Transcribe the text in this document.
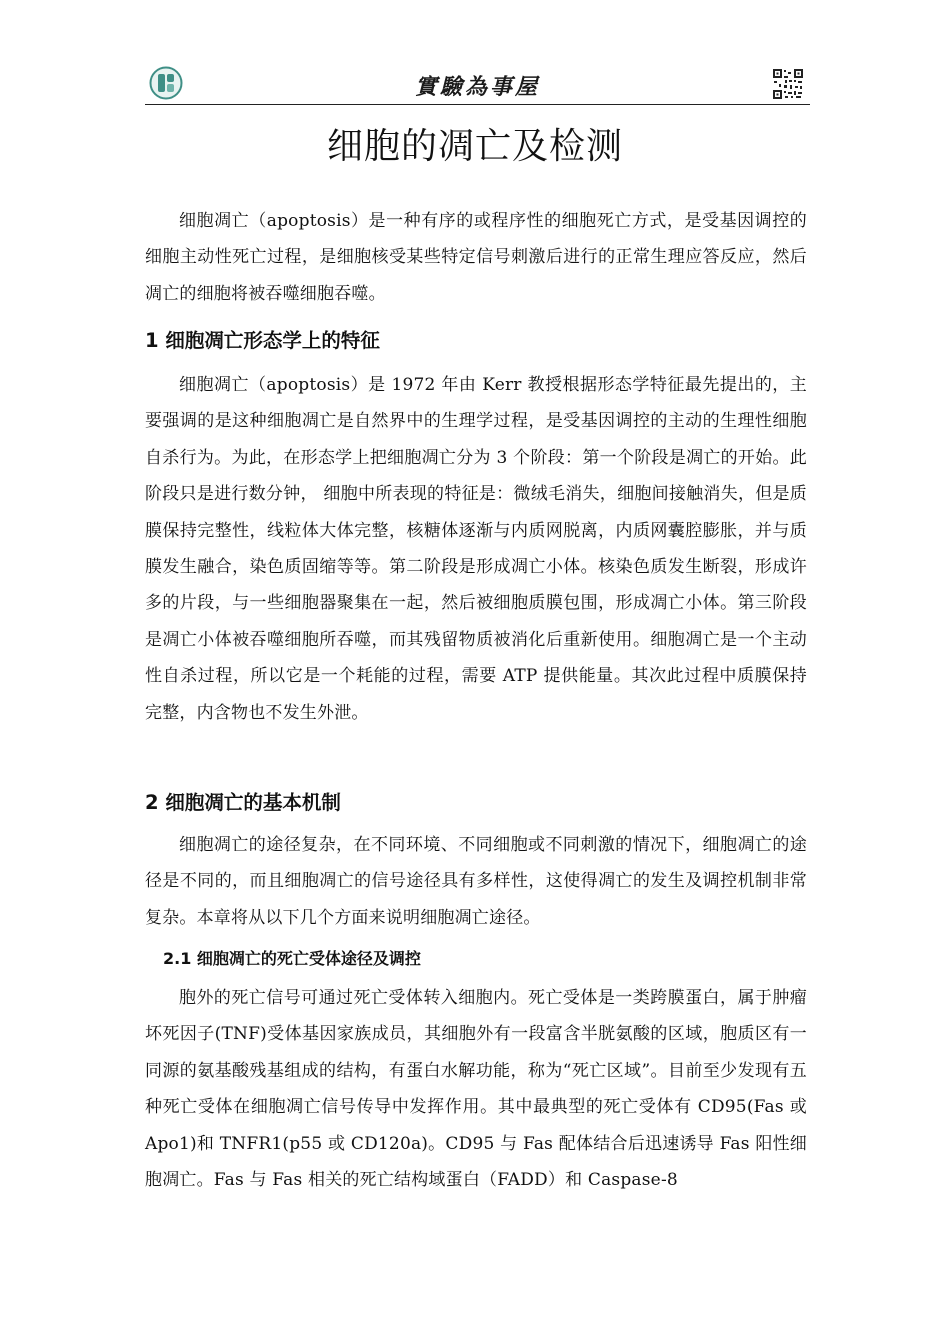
實驗為事屋
细胞的凋亡及检测

细胞凋亡（apoptosis）是一种有序的或程序性的细胞死亡方式，是受基因调控的细胞主动性死亡过程，是细胞核受某些特定信号刺激后进行的正常生理应答反应，然后凋亡的细胞将被吞噬细胞吞噬。

1 细胞凋亡形态学上的特征

细胞凋亡（apoptosis）是 1972 年由 Kerr 教授根据形态学特征最先提出的，主要强调的是这种细胞凋亡是自然界中的生理学过程，是受基因调控的主动的生理性细胞自杀行为。为此，在形态学上把细胞凋亡分为 3 个阶段：第一个阶段是凋亡的开始。此阶段只是进行数分钟， 细胞中所表现的特征是：微绒毛消失，细胞间接触消失，但是质膜保持完整性，线粒体大体完整，核糖体逐渐与内质网脱离，内质网囊腔膨胀，并与质膜发生融合，染色质固缩等等。第二阶段是形成凋亡小体。核染色质发生断裂，形成许多的片段，与一些细胞器聚集在一起，然后被细胞质膜包围，形成凋亡小体。第三阶段是凋亡小体被吞噬细胞所吞噬，而其残留物质被消化后重新使用。细胞凋亡是一个主动性自杀过程，所以它是一个耗能的过程，需要 ATP 提供能量。其次此过程中质膜保持完整，内含物也不发生外泄。

2 细胞凋亡的基本机制

细胞凋亡的途径复杂，在不同环境、不同细胞或不同刺激的情况下，细胞凋亡的途径是不同的，而且细胞凋亡的信号途径具有多样性，这使得凋亡的发生及调控机制非常复杂。本章将从以下几个方面来说明细胞凋亡途径。

2.1 细胞凋亡的死亡受体途径及调控

胞外的死亡信号可通过死亡受体转入细胞内。死亡受体是一类跨膜蛋白，属于肿瘤坏死因子(TNF)受体基因家族成员，其细胞外有一段富含半胱氨酸的区域，胞质区有一同源的氨基酸残基组成的结构，有蛋白水解功能，称为“死亡区域”。目前至少发现有五种死亡受体在细胞凋亡信号传导中发挥作用。其中最典型的死亡受体有 CD95(Fas 或 Apo1)和 TNFR1(p55 或 CD120a)。CD95 与 Fas 配体结合后迅速诱导 Fas 阳性细胞凋亡。Fas 与 Fas 相关的死亡结构域蛋白（FADD）和 Caspase-8
